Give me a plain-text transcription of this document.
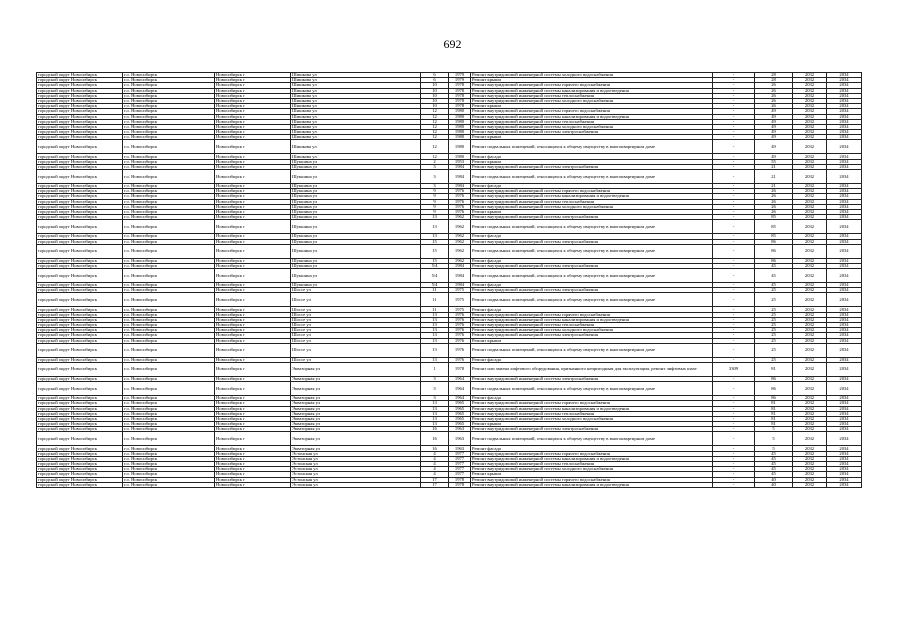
692
городской округ Новосибирск	г.о. Новосибирск	Новосибирск г	Шишкова ул	6	1979	Ремонт внутридомовой инженерной системы холодного водоснабжения	-	28	2032	2034
городской округ Новосибирск	г.о. Новосибирск	Новосибирск г	Шишкова ул	6	1979	Ремонт крыши	-	28	2032	2034
городской округ Новосибирск	г.о. Новосибирск	Новосибирск г	Шишкова ул	10	1978	Ремонт внутридомовой инженерной системы горячего водоснабжения	-	26	2032	2034
городской округ Новосибирск	г.о. Новосибирск	Новосибирск г	Шишкова ул	10	1978	Ремонт внутридомовой инженерной системы канализирования и водоотведения	-	26	2032	2034
городской округ Новосибирск	г.о. Новосибирск	Новосибирск г	Шишкова ул	10	1978	Ремонт внутридомовой инженерной системы теплоснабжения	-	26	2032	2034
городской округ Новосибирск	г.о. Новосибирск	Новосибирск г	Шишкова ул	10	1978	Ремонт внутридомовой инженерной системы холодного водоснабжения	-	26	2032	2034
городской округ Новосибирск	г.о. Новосибирск	Новосибирск г	Шишкова ул	10	1978	Ремонт крыши	-	26	2032	2034
городской округ Новосибирск	г.о. Новосибирск	Новосибирск г	Шишкова ул	12	1980	Ремонт внутридомовой инженерной системы горячего водоснабжения	-	49	2032	2034
городской округ Новосибирск	г.о. Новосибирск	Новосибирск г	Шишкова ул	12	1980	Ремонт внутридомовой инженерной системы канализирования и водоотведения	-	49	2032	2034
городской округ Новосибирск	г.о. Новосибирск	Новосибирск г	Шишкова ул	12	1980	Ремонт внутридомовой инженерной системы теплоснабжения	-	49	2032	2034
городской округ Новосибирск	г.о. Новосибирск	Новосибирск г	Шишкова ул	12	1980	Ремонт внутридомовой инженерной системы холодного водоснабжения	-	49	2032	2034
городской округ Новосибирск	г.о. Новосибирск	Новосибирск г	Шишкова ул	12	1980	Ремонт внутридомовой инженерной системы электроснабжения	-	49	2032	2034
городской округ Новосибирск	г.о. Новосибирск	Новосибирск г	Шишкова ул	12	1980	Ремонт крыши	-	49	2032	2034
городской округ Новосибирск	г.о. Новосибирск	Новосибирск г	Шишкова ул	12	1980	Ремонт подвальных помещений, относящихся к общему имуществу в многоквартирном доме	-	49	2032	2034
городской округ Новосибирск	г.о. Новосибирск	Новосибирск г	Шишкова ул	12	1980	Ремонт фасада	-	49	2032	2034
городской округ Новосибирск	г.о. Новосибирск	Новосибирск г	Шукшина ул	2	1953	Ремонт крыши	-	55	2032	2034
городской округ Новосибирск	г.о. Новосибирск	Новосибирск г	Шукшина ул	3	1984	Ремонт внутридомовой инженерной системы электроснабжения	-	21	2032	2034
городской округ Новосибирск	г.о. Новосибирск	Новосибирск г	Шукшина ул	3	1984	Ремонт подвальных помещений, относящихся к общему имуществу в многоквартирном доме	-	21	2032	2034
городской округ Новосибирск	г.о. Новосибирск	Новосибирск г	Шукшина ул	3	1984	Ремонт фасада	-	21	2032	2034
городской округ Новосибирск	г.о. Новосибирск	Новосибирск г	Шукшина ул	9	1976	Ремонт внутридомовой инженерной системы горячего водоснабжения	-	26	2032	2034
городской округ Новосибирск	г.о. Новосибирск	Новосибирск г	Шукшина ул	9	1976	Ремонт внутридомовой инженерной системы канализирования и водоотведения	-	26	2032	2034
городской округ Новосибирск	г.о. Новосибирск	Новосибирск г	Шукшина ул	9	1976	Ремонт внутридомовой инженерной системы теплоснабжения	-	26	2032	2034
городской округ Новосибирск	г.о. Новосибирск	Новосибирск г	Шукшина ул	9	1976	Ремонт внутридомовой инженерной системы холодного водоснабжения	-	26	2032	2034
городской округ Новосибирск	г.о. Новосибирск	Новосибирск г	Шукшина ул	9	1976	Ремонт крыши	-	26	2032	2034
городской округ Новосибирск	г.о. Новосибирск	Новосибирск г	Шукшина ул	13	1962	Ремонт внутридомовой инженерной системы электроснабжения	-	85	2032	2034
городской округ Новосибирск	г.о. Новосибирск	Новосибирск г	Шукшина ул	13	1962	Ремонт подвальных помещений, относящихся к общему имуществу в многоквартирном доме	-	85	2032	2034
городской округ Новосибирск	г.о. Новосибирск	Новосибирск г	Шукшина ул	13	1962	Ремонт фасада	-	85	2032	2034
городской округ Новосибирск	г.о. Новосибирск	Новосибирск г	Шукшина ул	15	1962	Ремонт внутридомовой инженерной системы электроснабжения	-	86	2032	2034
городской округ Новосибирск	г.о. Новосибирск	Новосибирск г	Шукшина ул	15	1962	Ремонт подвальных помещений, относящихся к общему имуществу в многоквартирном доме	-	86	2032	2034
городской округ Новосибирск	г.о. Новосибирск	Новосибирск г	Шукшина ул	15	1962	Ремонт фасада	-	86	2032	2034
городской округ Новосибирск	г.о. Новосибирск	Новосибирск г	Шукшина ул	5/4	1984	Ремонт внутридомовой инженерной системы электроснабжения	-	45	2032	2034
городской округ Новосибирск	г.о. Новосибирск	Новосибирск г	Шукшина ул	5/4	1984	Ремонт подвальных помещений, относящихся к общему имуществу в многоквартирном доме	-	45	2032	2034
городской округ Новосибирск	г.о. Новосибирск	Новосибирск г	Шукшина ул	5/4	1984	Ремонт фасада	-	45	2032	2034
городской округ Новосибирск	г.о. Новосибирск	Новосибирск г	Шоссе ул	11	1975	Ремонт внутридомовой инженерной системы электроснабжения	-	25	2032	2034
городской округ Новосибирск	г.о. Новосибирск	Новосибирск г	Шоссе ул	11	1975	Ремонт подвальных помещений, относящихся к общему имуществу в многоквартирном доме	-	25	2032	2034
городской округ Новосибирск	г.о. Новосибирск	Новосибирск г	Шоссе ул	11	1975	Ремонт фасада	-	25	2032	2034
городской округ Новосибирск	г.о. Новосибирск	Новосибирск г	Шоссе ул	13	1976	Ремонт внутридомовой инженерной системы горячего водоснабжения	-	25	2032	2034
городской округ Новосибирск	г.о. Новосибирск	Новосибирск г	Шоссе ул	13	1976	Ремонт внутридомовой инженерной системы канализирования и водоотведения	-	25	2032	2034
городской округ Новосибирск	г.о. Новосибирск	Новосибирск г	Шоссе ул	13	1976	Ремонт внутридомовой инженерной системы теплоснабжения	-	25	2032	2034
городской округ Новосибирск	г.о. Новосибирск	Новосибирск г	Шоссе ул	13	1976	Ремонт внутридомовой инженерной системы холодного водоснабжения	-	25	2032	2034
городской округ Новосибирск	г.о. Новосибирск	Новосибирск г	Шоссе ул	13	1976	Ремонт внутридомовой инженерной системы электроснабжения	-	25	2032	2034
городской округ Новосибирск	г.о. Новосибирск	Новосибирск г	Шоссе ул	13	1976	Ремонт крыши	-	25	2032	2034
городской округ Новосибирск	г.о. Новосибирск	Новосибирск г	Шоссе ул	13	1976	Ремонт подвальных помещений, относящихся к общему имуществу в многоквартирном доме	-	25	2032	2034
городской округ Новосибирск	г.о. Новосибирск	Новосибирск г	Шоссе ул	13	1976	Ремонт фасада	-	25	2032	2034
городской округ Новосибирск	г.о. Новосибирск	Новосибирск г	Экваторная ул	1	1978	Ремонт или замена лифтового оборудования, признанного непригодным для эксплуатации, ремонт лифтовых шахт	3309	81	2032	2034
городской округ Новосибирск	г.о. Новосибирск	Новосибирск г	Экваторная ул	3	1964	Ремонт внутридомовой инженерной системы электроснабжения	-	86	2032	2034
городской округ Новосибирск	г.о. Новосибирск	Новосибирск г	Экваторная ул	3	1964	Ремонт подвальных помещений, относящихся к общему имуществу в многоквартирном доме	-	86	2032	2034
городской округ Новосибирск	г.о. Новосибирск	Новосибирск г	Экваторная ул	3	1964	Ремонт фасада	-	86	2032	2034
городской округ Новосибирск	г.о. Новосибирск	Новосибирск г	Экваторная ул	13	1965	Ремонт внутридомовой инженерной системы горячего водоснабжения	-	81	2032	2034
городской округ Новосибирск	г.о. Новосибирск	Новосибирск г	Экваторная ул	13	1965	Ремонт внутридомовой инженерной системы канализирования и водоотведения	-	81	2032	2034
городской округ Новосибирск	г.о. Новосибирск	Новосибирск г	Экваторная ул	13	1965	Ремонт внутридомовой инженерной системы теплоснабжения	-	81	2032	2034
городской округ Новосибирск	г.о. Новосибирск	Новосибирск г	Экваторная ул	13	1965	Ремонт внутридомовой инженерной системы холодного водоснабжения	-	81	2032	2034
городской округ Новосибирск	г.о. Новосибирск	Новосибирск г	Экваторная ул	13	1965	Ремонт крыши	-	81	2032	2034
городской округ Новосибирск	г.о. Новосибирск	Новосибирск г	Экваторная ул	16	1963	Ремонт внутридомовой инженерной системы электроснабжения	-	5	2032	2034
городской округ Новосибирск	г.о. Новосибирск	Новосибирск г	Экваторная ул	16	1963	Ремонт подвальных помещений, относящихся к общему имуществу в многоквартирном доме	-	5	2032	2034
городской округ Новосибирск	г.о. Новосибирск	Новосибирск г	Экваторная ул	16	1963	Ремонт фасада	-	5	2032	2034
городской округ Новосибирск	г.о. Новосибирск	Новосибирск г	Эстонская ул	4	1977	Ремонт внутридомовой инженерной системы горячего водоснабжения	-	45	2032	2034
городской округ Новосибирск	г.о. Новосибирск	Новосибирск г	Эстонская ул	4	1977	Ремонт внутридомовой инженерной системы канализирования и водоотведения	-	45	2032	2034
городской округ Новосибирск	г.о. Новосибирск	Новосибирск г	Эстонская ул	4	1977	Ремонт внутридомовой инженерной системы теплоснабжения	-	45	2032	2034
городской округ Новосибирск	г.о. Новосибирск	Новосибирск г	Эстонская ул	4	1977	Ремонт внутридомовой инженерной системы холодного водоснабжения	-	45	2032	2034
городской округ Новосибирск	г.о. Новосибирск	Новосибирск г	Эстонская ул	4	1977	Ремонт крыши	-	45	2032	2034
городской округ Новосибирск	г.о. Новосибирск	Новосибирск г	Эстонская ул	17	1978	Ремонт внутридомовой инженерной системы горячего водоснабжения	-	40	2032	2034
городской округ Новосибирск	г.о. Новосибирск	Новосибирск г	Эстонская ул	17	1978	Ремонт внутридомовой инженерной системы канализирования и водоотведения	-	40	2032	2034
